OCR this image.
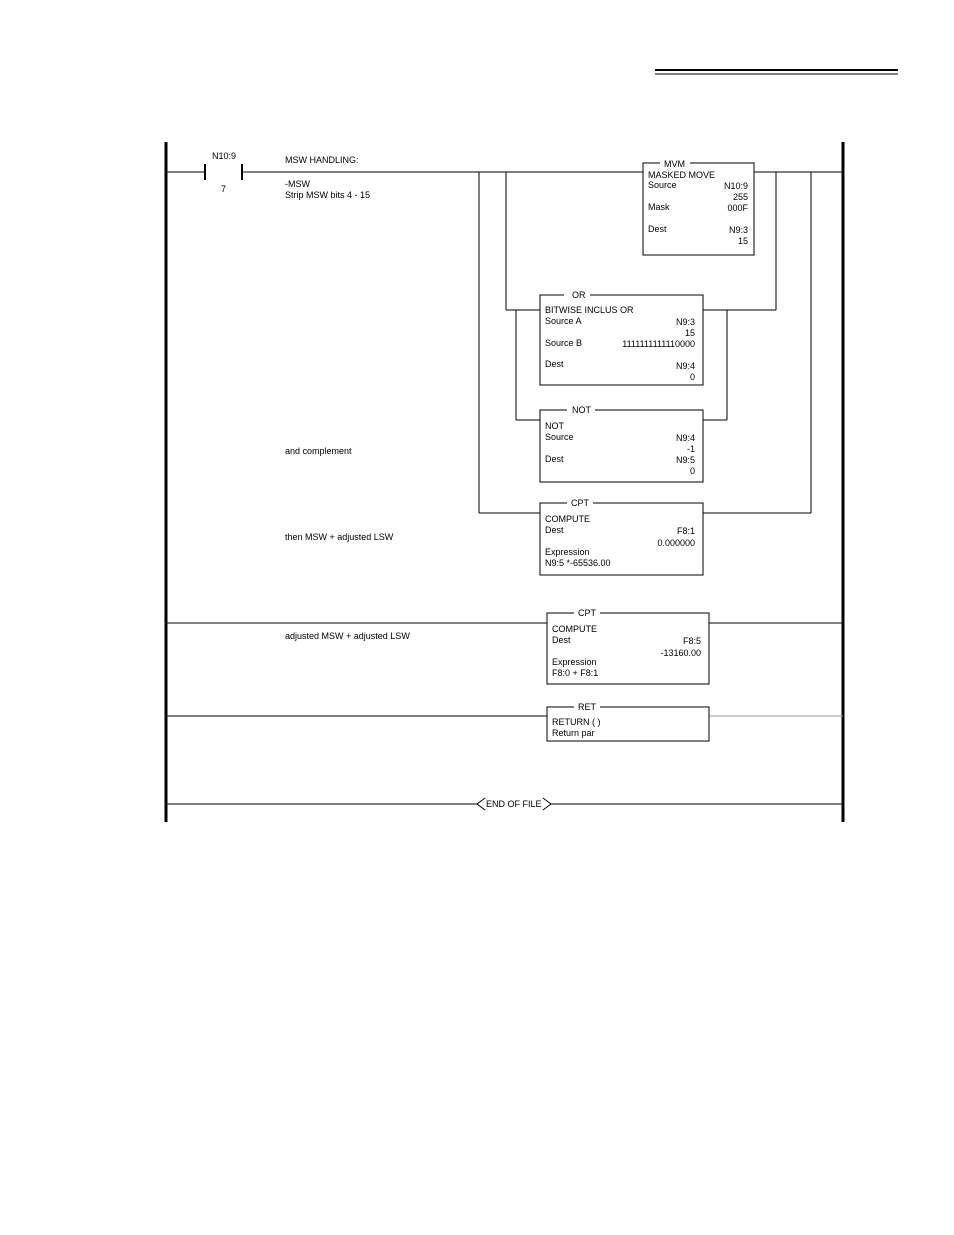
N10:9
7
MSW HANDLING:
-MSW
Strip MSW bits 4 - 15
and complement
then MSW + adjusted LSW
MVM
MASKED MOVE
Source	N10:9
255
Mask	000F
Dest	N9:3
15
OR
BITWISE INCLUS OR
Source A	N9:3
15
Source B	1111111111110000
Dest	N9:4
0
NOT
NOT
Source	N9:4
-1
Dest	N9:5
0
CPT
COMPUTE
Dest	F8:1
0.000000
Expression
N9:5 *-65536.00
adjusted MSW + adjusted LSW
CPT
COMPUTE
Dest	F8:5
-13160.00
Expression
F8:0 + F8:1
RET
RETURN ( )
Return par
END OF FILE
